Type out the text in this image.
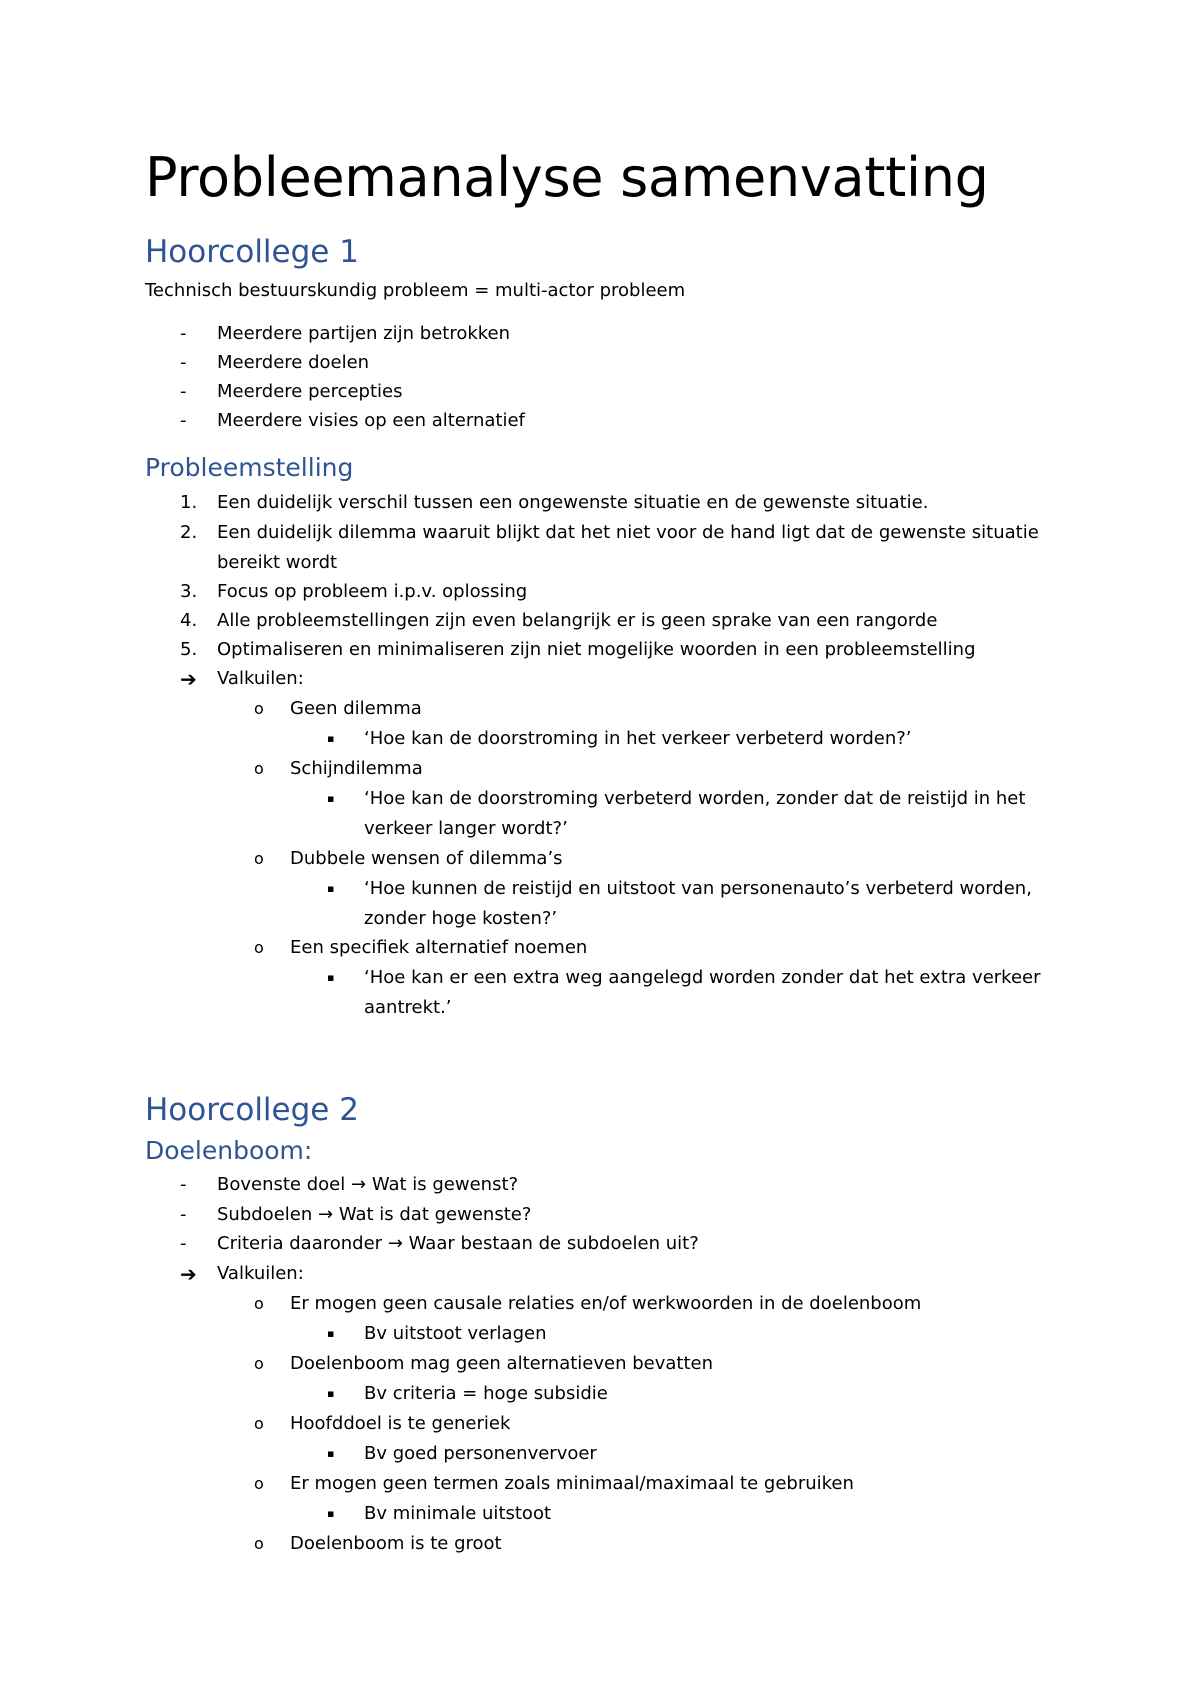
Probleemanalyse samenvatting
Hoorcollege 1
Technisch bestuurskundig probleem = multi-actor probleem
- Meerdere partijen zijn betrokken
- Meerdere doelen
- Meerdere percepties
- Meerdere visies op een alternatief
Probleemstelling
1. Een duidelijk verschil tussen een ongewenste situatie en de gewenste situatie.
2. Een duidelijk dilemma waaruit blijkt dat het niet voor de hand ligt dat de gewenste situatie
bereikt wordt
3. Focus op probleem i.p.v. oplossing
4. Alle probleemstellingen zijn even belangrijk er is geen sprake van een rangorde
5. Optimaliseren en minimaliseren zijn niet mogelijke woorden in een probleemstelling
➔ Valkuilen:
o Geen dilemma
▪ ‘Hoe kan de doorstroming in het verkeer verbeterd worden?’
o Schijndilemma
▪ ‘Hoe kan de doorstroming verbeterd worden, zonder dat de reistijd in het
verkeer langer wordt?’
o Dubbele wensen of dilemma’s
▪ ‘Hoe kunnen de reistijd en uitstoot van personenauto’s verbeterd worden,
zonder hoge kosten?’
o Een specifiek alternatief noemen
▪ ‘Hoe kan er een extra weg aangelegd worden zonder dat het extra verkeer
aantrekt.’
Hoorcollege 2
Doelenboom:
- Bovenste doel → Wat is gewenst?
- Subdoelen → Wat is dat gewenste?
- Criteria daaronder → Waar bestaan de subdoelen uit?
➔ Valkuilen:
o Er mogen geen causale relaties en/of werkwoorden in de doelenboom
▪ Bv uitstoot verlagen
o Doelenboom mag geen alternatieven bevatten
▪ Bv criteria = hoge subsidie
o Hoofddoel is te generiek
▪ Bv goed personenvervoer
o Er mogen geen termen zoals minimaal/maximaal te gebruiken
▪ Bv minimale uitstoot
o Doelenboom is te groot
